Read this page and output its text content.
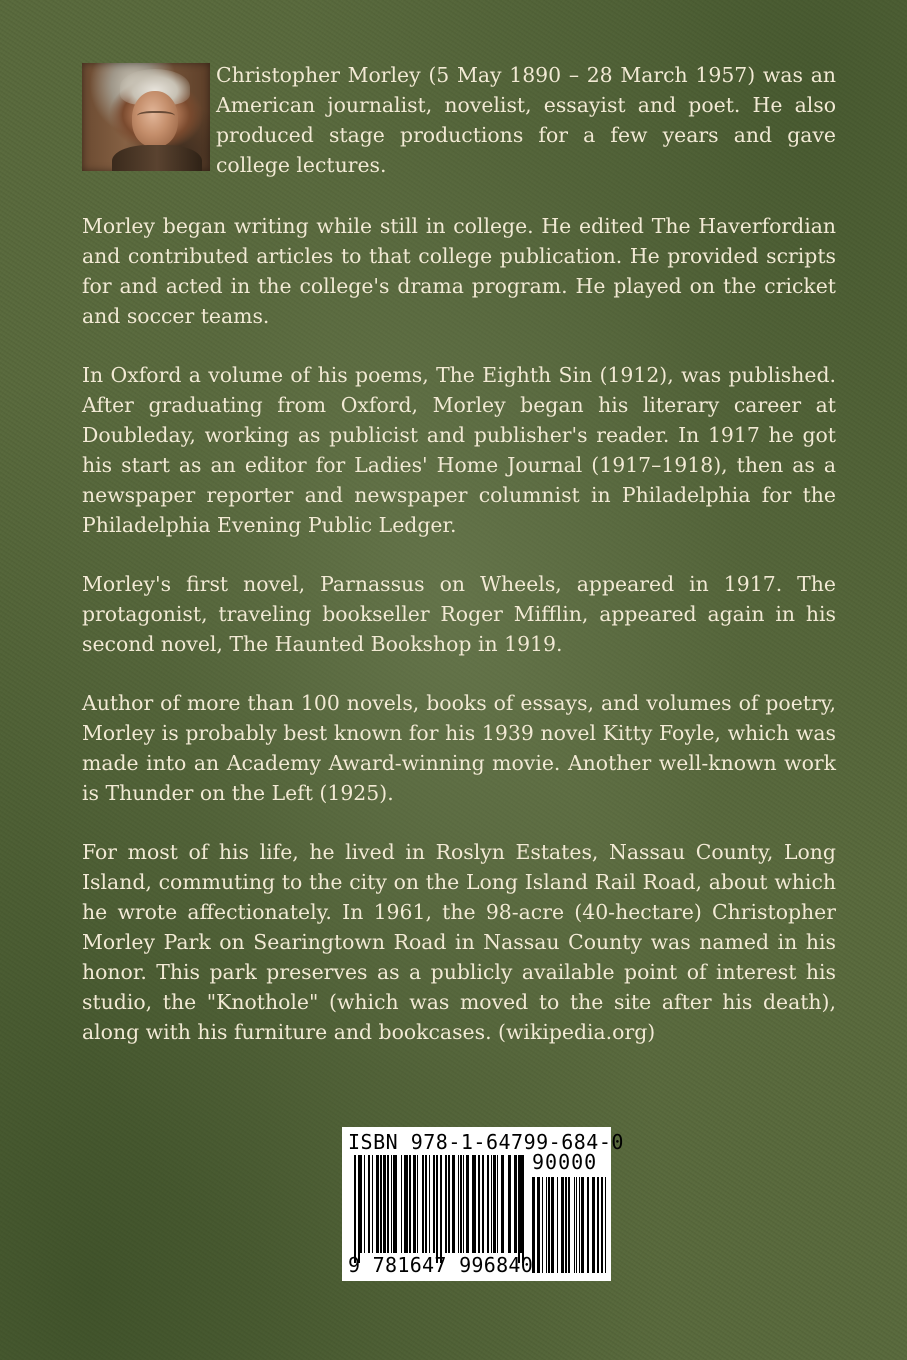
Christopher Morley (5 May 1890 – 28 March 1957) was an American journalist, novelist, essayist and poet. He also produced stage productions for a few years and gave college lectures.

Morley began writing while still in college. He edited The Haverfordian and contributed articles to that college publication. He provided scripts for and acted in the college's drama program. He played on the cricket and soccer teams.

In Oxford a volume of his poems, The Eighth Sin (1912), was published. After graduating from Oxford, Morley began his literary career at Doubleday, working as publicist and publisher's reader. In 1917 he got his start as an editor for Ladies' Home Journal (1917–1918), then as a newspaper reporter and newspaper columnist in Philadelphia for the Philadelphia Evening Public Ledger.

Morley's first novel, Parnassus on Wheels, appeared in 1917. The protagonist, traveling bookseller Roger Mifflin, appeared again in his second novel, The Haunted Bookshop in 1919.

Author of more than 100 novels, books of essays, and volumes of poetry, Morley is probably best known for his 1939 novel Kitty Foyle, which was made into an Academy Award-winning movie. Another well-known work is Thunder on the Left (1925).

For most of his life, he lived in Roslyn Estates, Nassau County, Long Island, commuting to the city on the Long Island Rail Road, about which he wrote affectionately. In 1961, the 98-acre (40-hectare) Christopher Morley Park on Searingtown Road in Nassau County was named in his honor. This park preserves as a publicly available point of interest his studio, the "Knothole" (which was moved to the site after his death), along with his furniture and bookcases. (wikipedia.org)

ISBN 978-1-64799-684-0
90000
9 781647 996840
